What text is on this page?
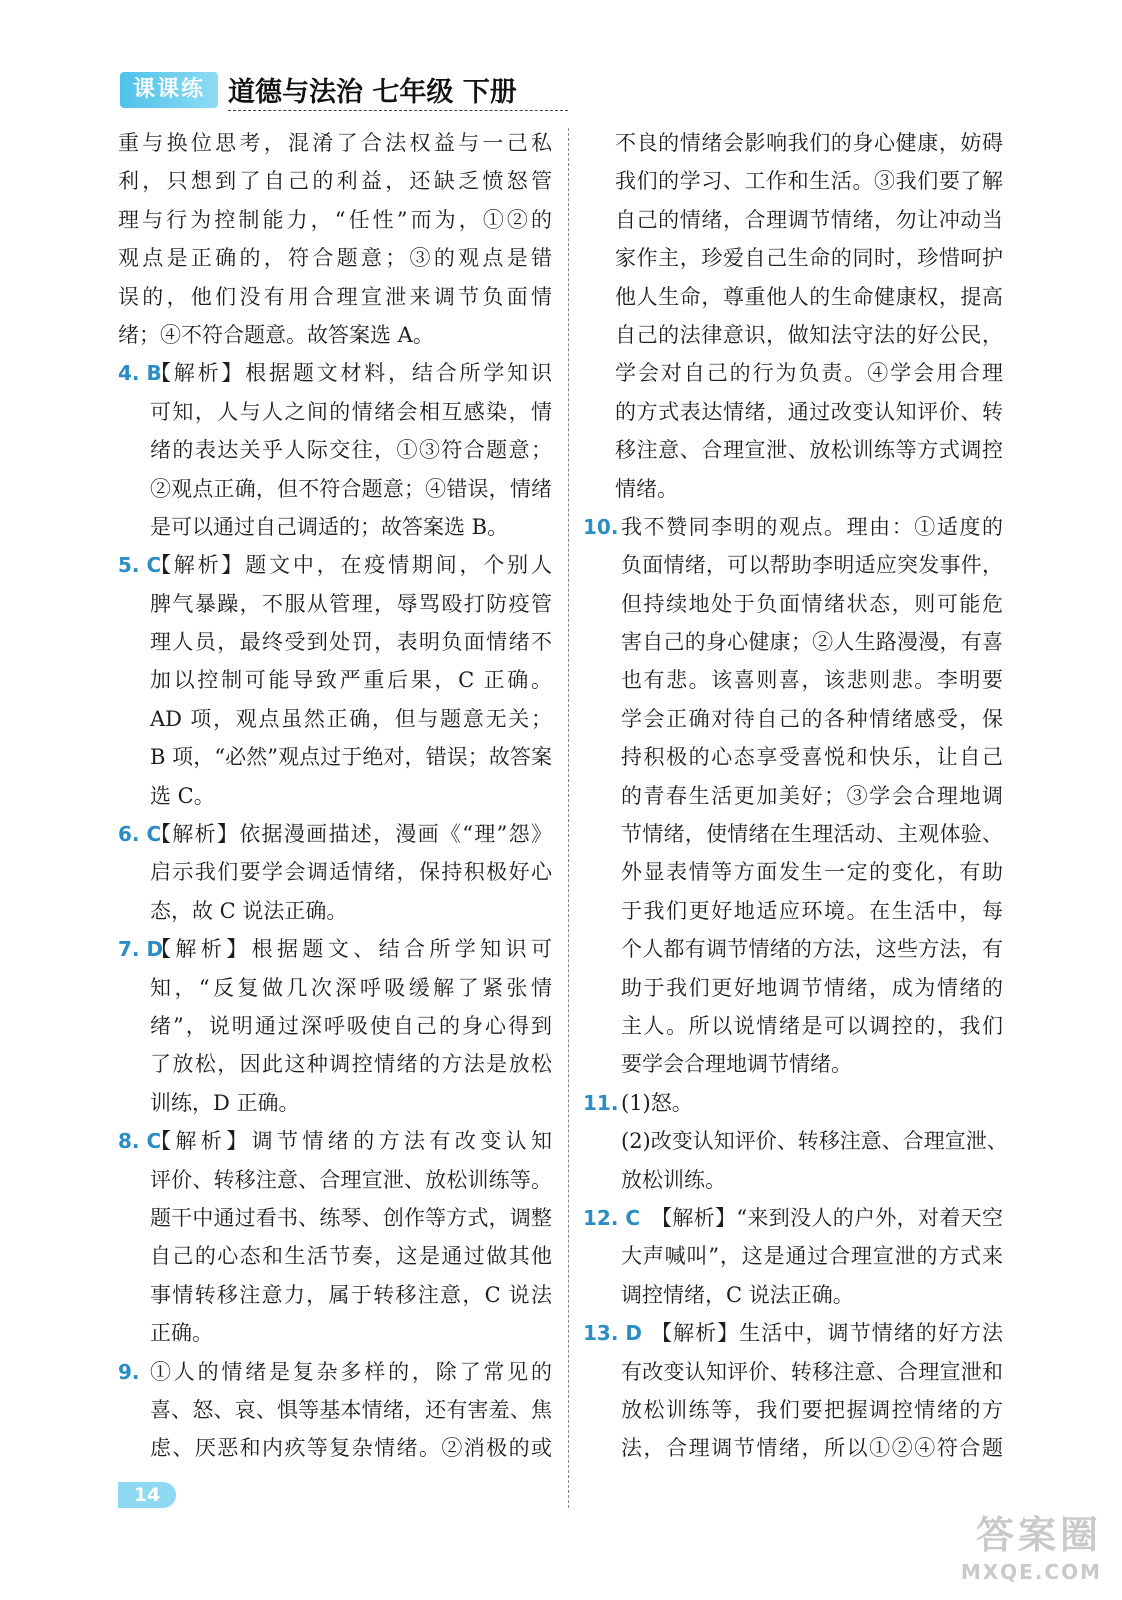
课课练 道德与法治 七年级 下册
重与换位思考，混淆了合法权益与一己私
利，只想到了自己的利益，还缺乏愤怒管
理与行为控制能力，“任性”而为，①②的
观点是正确的，符合题意；③的观点是错
误的，他们没有用合理宣泄来调节负面情
绪；④不符合题意。故答案选 A。
4. B
【解析】根据题文材料，结合所学知识
可知，人与人之间的情绪会相互感染，情
绪的表达关乎人际交往，①③符合题意；
②观点正确，但不符合题意；④错误，情绪
是可以通过自己调适的；故答案选 B。
5. C
【解析】题文中，在疫情期间，个别人
脾气暴躁，不服从管理，辱骂殴打防疫管
理人员，最终受到处罚，表明负面情绪不
加以控制可能导致严重后果，C 正确。
AD 项，观点虽然正确，但与题意无关；
B 项，“必然”观点过于绝对，错误；故答案
选 C。
6. C
【解析】依据漫画描述，漫画《“理”怨》
启示我们要学会调适情绪，保持积极好心
态，故 C 说法正确。
7. D
【解析】根据题文、结合所学知识可
知，“反复做几次深呼吸缓解了紧张情
绪”，说明通过深呼吸使自己的身心得到
了放松，因此这种调控情绪的方法是放松
训练，D 正确。
8. C
【解析】调节情绪的方法有改变认知
评价、转移注意、合理宣泄、放松训练等。
题干中通过看书、练琴、创作等方式，调整
自己的心态和生活节奏，这是通过做其他
事情转移注意力，属于转移注意，C 说法
正确。
9. ①人的情绪是复杂多样的，除了常见的
喜、怒、哀、惧等基本情绪，还有害羞、焦
虑、厌恶和内疚等复杂情绪。②消极的或
不良的情绪会影响我们的身心健康，妨碍
我们的学习、工作和生活。③我们要了解
自己的情绪，合理调节情绪，勿让冲动当
家作主，珍爱自己生命的同时，珍惜呵护
他人生命，尊重他人的生命健康权，提高
自己的法律意识，做知法守法的好公民，
学会对自己的行为负责。④学会用合理
的方式表达情绪，通过改变认知评价、转
移注意、合理宣泄、放松训练等方式调控
情绪。
10. 我不赞同李明的观点。理由：①适度的
负面情绪，可以帮助李明适应突发事件，
但持续地处于负面情绪状态，则可能危
害自己的身心健康；②人生路漫漫，有喜
也有悲。该喜则喜，该悲则悲。李明要
学会正确对待自己的各种情绪感受，保
持积极的心态享受喜悦和快乐，让自己
的青春生活更加美好；③学会合理地调
节情绪，使情绪在生理活动、主观体验、
外显表情等方面发生一定的变化，有助
于我们更好地适应环境。在生活中，每
个人都有调节情绪的方法，这些方法，有
助于我们更好地调节情绪，成为情绪的
主人。所以说情绪是可以调控的，我们
要学会合理地调节情绪。
11. (1)怒。
(2)改变认知评价、转移注意、合理宣泄、
放松训练。
12. C 【解析】“来到没人的户外，对着天空
大声喊叫”，这是通过合理宣泄的方式来
调控情绪，C 说法正确。
13. D 【解析】生活中，调节情绪的好方法
有改变认知评价、转移注意、合理宣泄和
放松训练等，我们要把握调控情绪的方
法，合理调节情绪，所以①②④符合题
14
答案圈
MXQE.COM
